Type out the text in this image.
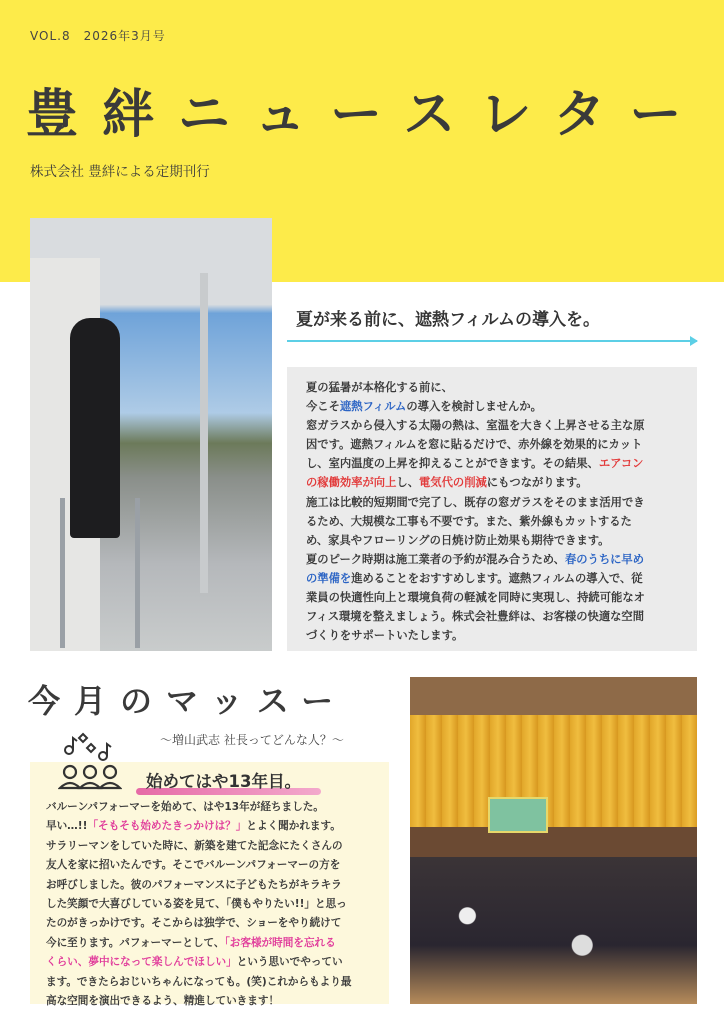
VOL.8　2026年3月号
豊絆ニュースレター
株式会社 豊絆による定期刊行
夏が来る前に、遮熱フィルムの導入を。
夏の猛暑が本格化する前に、
今こそ遮熱フィルムの導入を検討しませんか。
窓ガラスから侵入する太陽の熱は、室温を大きく上昇させる主な原
因です。遮熱フィルムを窓に貼るだけで、赤外線を効果的にカット
し、室内温度の上昇を抑えることができます。その結果、エアコン
の稼働効率が向上し、電気代の削減にもつながります。
施工は比較的短期間で完了し、既存の窓ガラスをそのまま活用でき
るため、大規模な工事も不要です。また、紫外線もカットするた
め、家具やフローリングの日焼け防止効果も期待できます。
夏のピーク時期は施工業者の予約が混み合うため、春のうちに早め
の準備を進めることをおすすめします。遮熱フィルムの導入で、従
業員の快適性向上と環境負荷の軽減を同時に実現し、持続可能なオ
フィス環境を整えましょう。株式会社豊絆は、お客様の快適な空間
づくりをサポートいたします。
今月のマッスー
～増山武志 社長ってどんな人？～
バルーンパフォーマーを始めて、はや13年が経ちました。
早い…!!「そもそも始めたきっかけは？」とよく聞かれます。
サラリーマンをしていた時に、新築を建てた記念にたくさんの
友人を家に招いたんです。そこでバルーンパフォーマーの方を
お呼びしました。彼のパフォーマンスに子どもたちがキラキラ
した笑顔で大喜びしている姿を見て、「僕もやりたい!!」と思っ
たのがきっかけです。そこからは独学で、ショーをやり続けて
今に至ります。パフォーマーとして、「お客様が時間を忘れる
くらい、夢中になって楽しんでほしい」という思いでやってい
ます。できたらおじいちゃんになっても。(笑)これからもより最
高な空間を演出できるよう、精進していきます！
始めてはや13年目。
